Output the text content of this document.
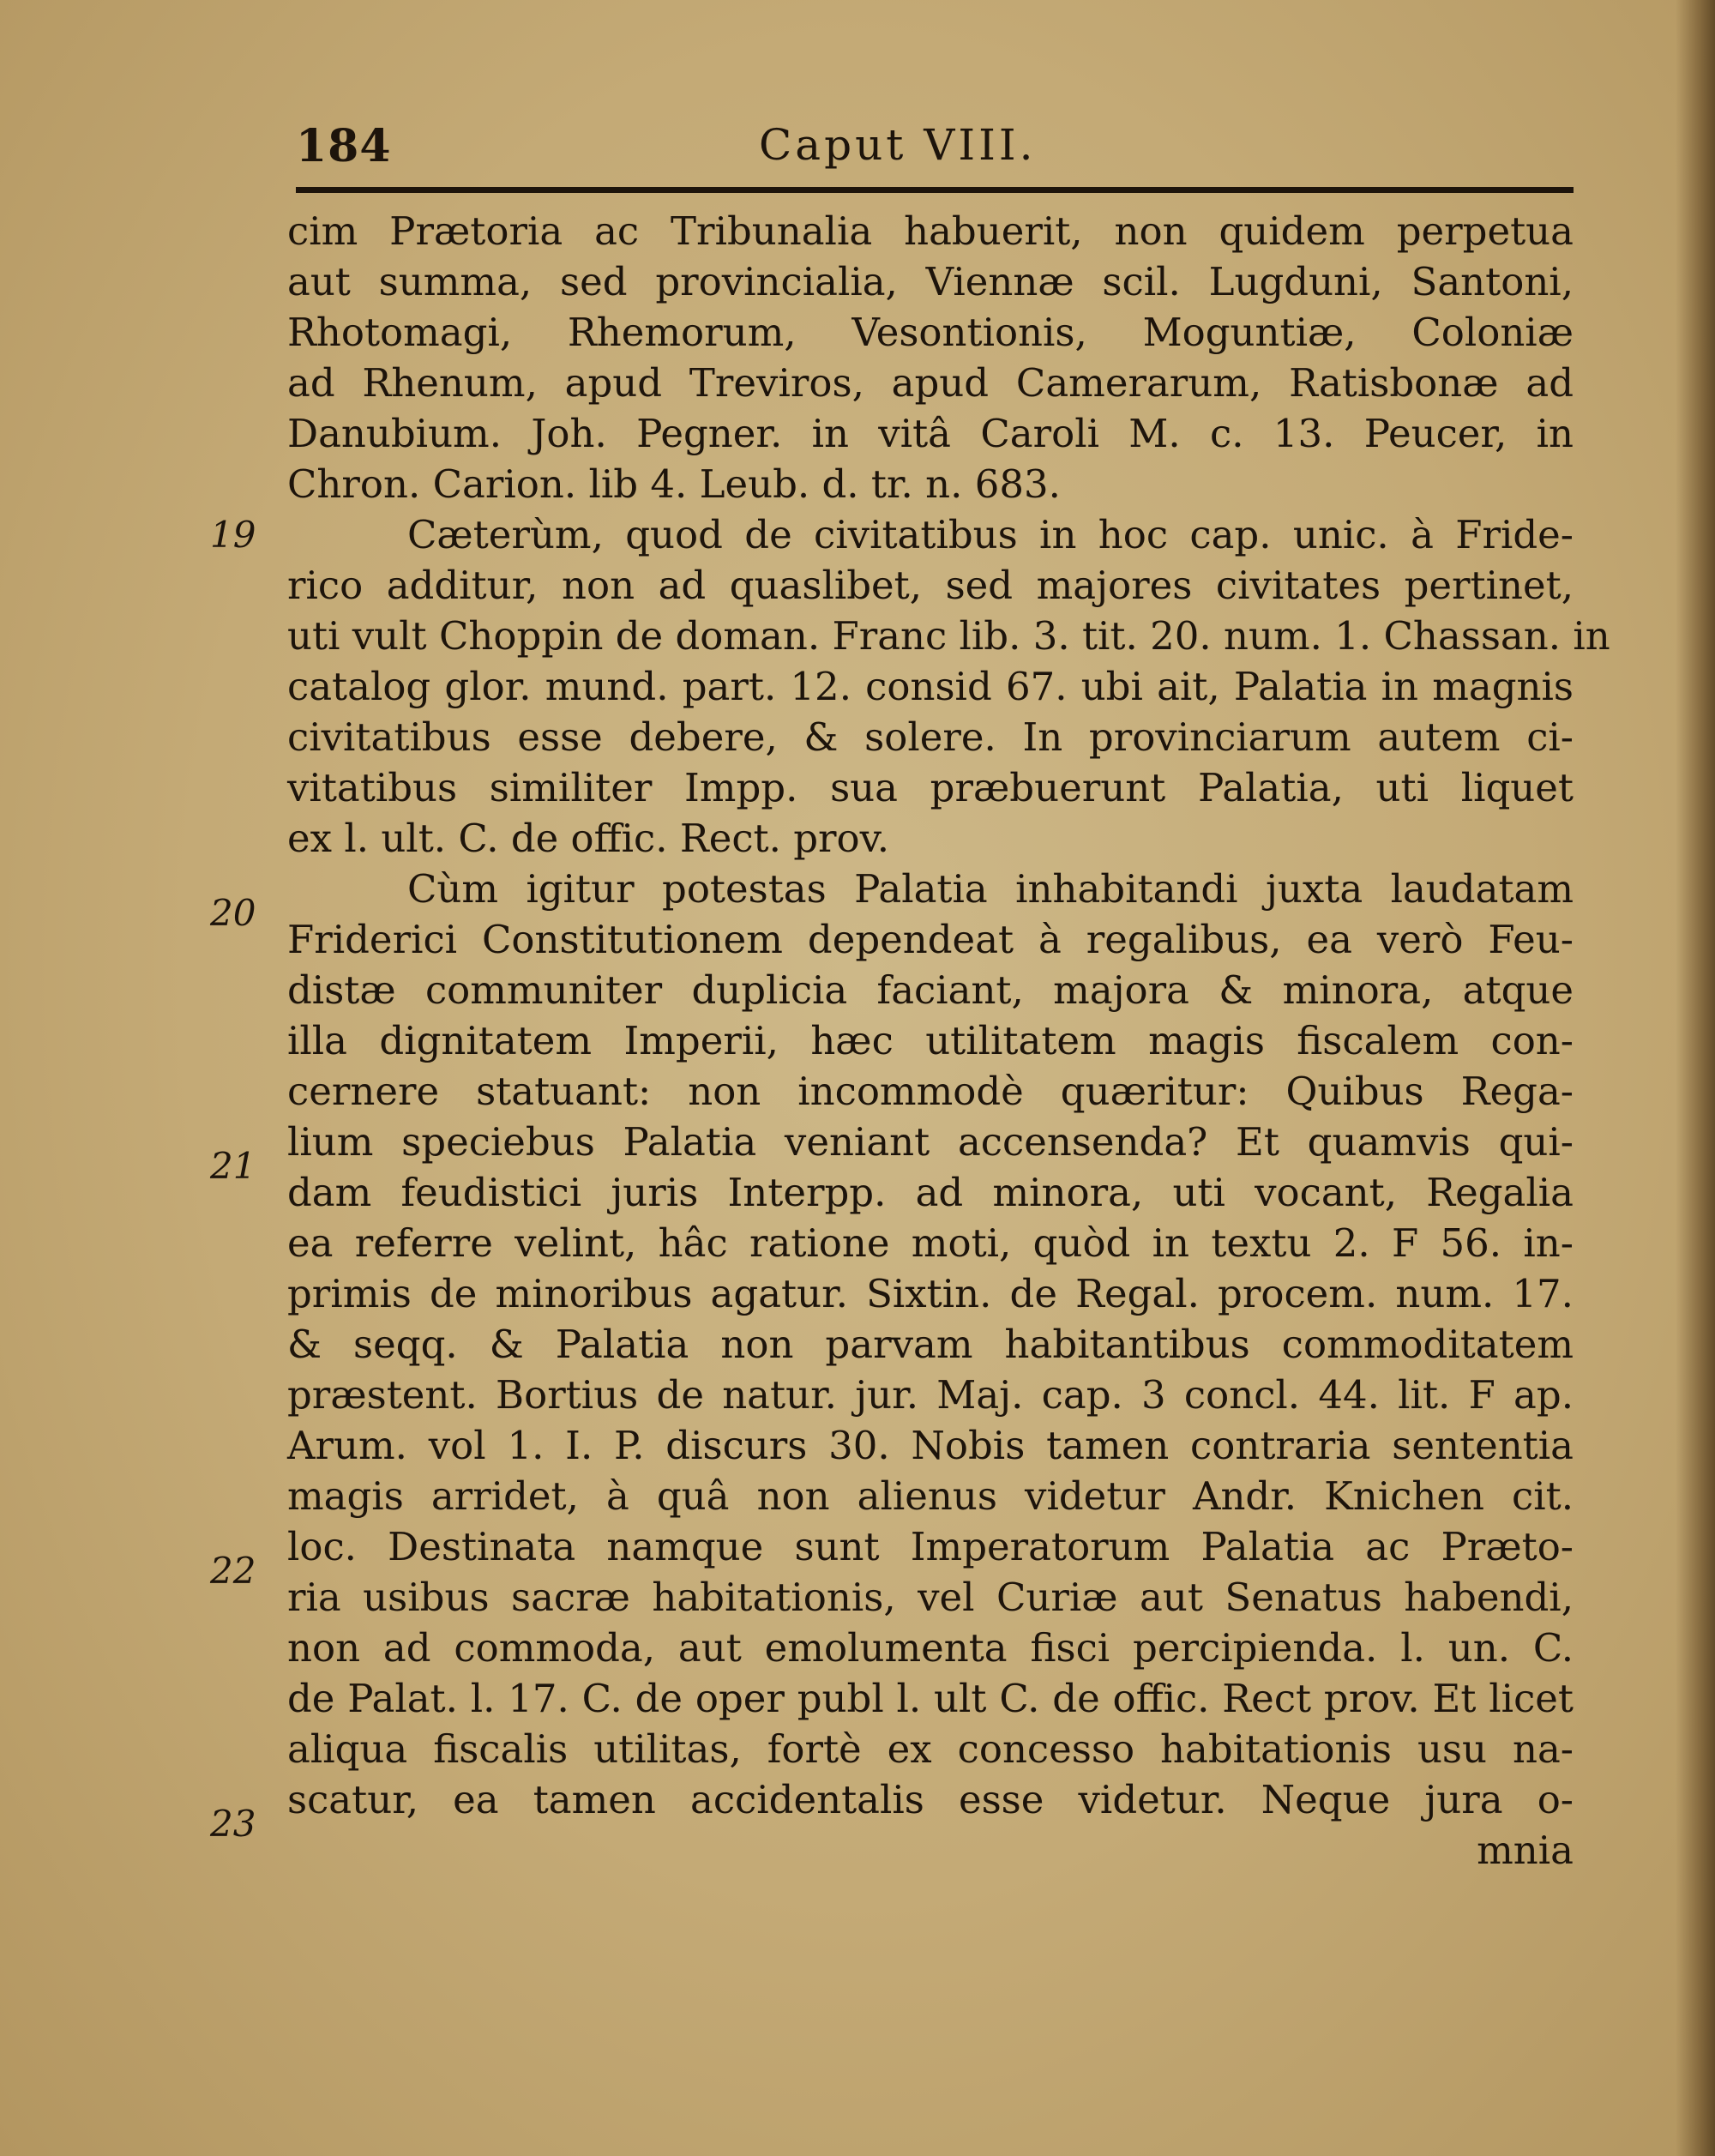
184	Caput VIII.
19
20
21
22
23
cim Prætoria ac Tribunalia habuerit, non quidem perpetua
aut summa, sed provincialia, Viennæ scil. Lugduni, Santoni,
Rhotomagi, Rhemorum, Vesontionis, Moguntiæ, Coloniæ
ad Rhenum, apud Treviros, apud Camerarum, Ratisbonæ ad
Danubium. Joh. Pegner. in vitâ Caroli M. c. 13. Peucer, in
Chron. Carion. lib 4. Leub. d. tr. n. 683.
Cæterùm, quod de civitatibus in hoc cap. unic. à Fride-
rico additur, non ad quaslibet, sed majores civitates pertinet,
uti vult Choppin de doman. Franc lib. 3. tit. 20. num. 1. Chassan. in
catalog glor. mund. part. 12. consid 67. ubi ait, Palatia in magnis
civitatibus esse debere, & solere. In provinciarum autem ci-
vitatibus similiter Impp. sua præbuerunt Palatia, uti liquet
ex l. ult. C. de offic. Rect. prov.
Cùm igitur potestas Palatia inhabitandi juxta laudatam
Friderici Constitutionem dependeat à regalibus, ea verò Feu-
distæ communiter duplicia faciant, majora & minora, atque
illa dignitatem Imperii, hæc utilitatem magis fiscalem con-
cernere statuant: non incommodè quæritur: Quibus Rega-
lium speciebus Palatia veniant accensenda? Et quamvis qui-
dam feudistici juris Interpp. ad minora, uti vocant, Regalia
ea referre velint, hâc ratione moti, quòd in textu 2. F 56. in-
primis de minoribus agatur. Sixtin. de Regal. procem. num. 17.
& seqq. & Palatia non parvam habitantibus commoditatem
præstent. Bortius de natur. jur. Maj. cap. 3 concl. 44. lit. F ap.
Arum. vol 1. I. P. discurs 30. Nobis tamen contraria sententia
magis arridet, à quâ non alienus videtur Andr. Knichen cit.
loc. Destinata namque sunt Imperatorum Palatia ac Præto-
ria usibus sacræ habitationis, vel Curiæ aut Senatus habendi,
non ad commoda, aut emolumenta fisci percipienda. l. un. C.
de Palat. l. 17. C. de oper publ l. ult C. de offic. Rect prov. Et licet
aliqua fiscalis utilitas, fortè ex concesso habitationis usu na-
scatur, ea tamen accidentalis esse videtur. Neque jura o-
mnia
